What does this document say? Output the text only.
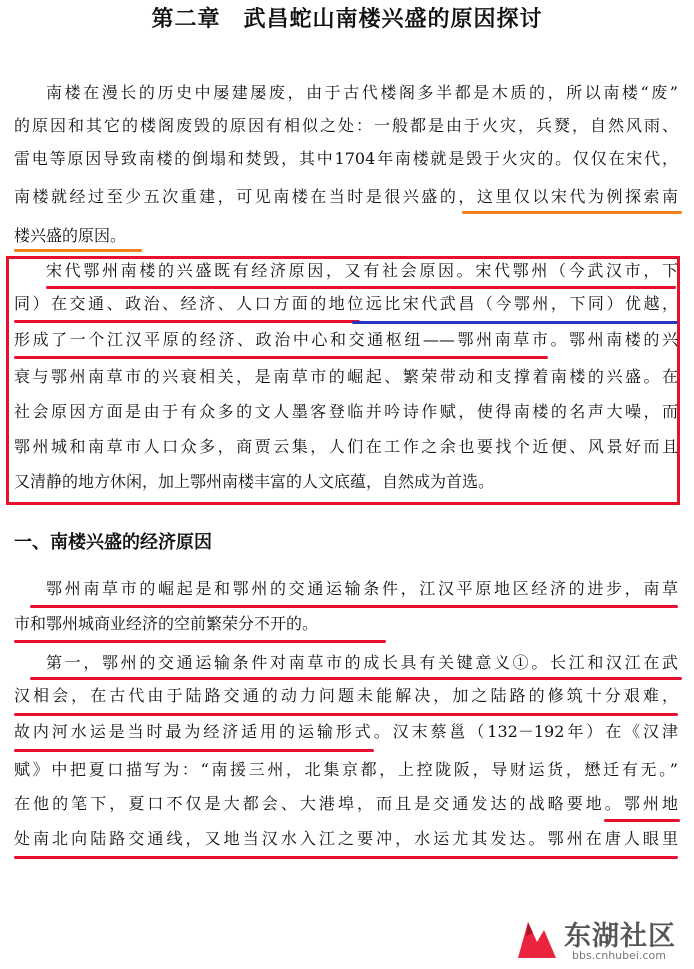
第二章　武昌蛇山南楼兴盛的原因探讨
南楼在漫长的历史中屡建屡废，由于古代楼阁多半都是木质的，所以南楼“废”
的原因和其它的楼阁废毁的原因有相似之处：一般都是由于火灾，兵燹，自然风雨、
雷电等原因导致南楼的倒塌和焚毁，其中1704年南楼就是毁于火灾的。仅仅在宋代，
南楼就经过至少五次重建，可见南楼在当时是很兴盛的，这里仅以宋代为例探索南
楼兴盛的原因。
宋代鄂州南楼的兴盛既有经济原因，又有社会原因。宋代鄂州（今武汉市，下
同）在交通、政治、经济、人口方面的地位远比宋代武昌（今鄂州，下同）优越，
形成了一个江汉平原的经济、政治中心和交通枢纽——鄂州南草市。鄂州南楼的兴
衰与鄂州南草市的兴衰相关，是南草市的崛起、繁荣带动和支撑着南楼的兴盛。在
社会原因方面是由于有众多的文人墨客登临并吟诗作赋，使得南楼的名声大噪，而
鄂州城和南草市人口众多，商贾云集，人们在工作之余也要找个近便、风景好而且
又清静的地方休闲，加上鄂州南楼丰富的人文底蕴，自然成为首选。
一、南楼兴盛的经济原因
鄂州南草市的崛起是和鄂州的交通运输条件，江汉平原地区经济的进步，南草
市和鄂州城商业经济的空前繁荣分不开的。
第一，鄂州的交通运输条件对南草市的成长具有关键意义①。长江和汉江在武
汉相会，在古代由于陆路交通的动力问题未能解决，加之陆路的修筑十分艰难，
故内河水运是当时最为经济适用的运输形式。汉末蔡邕（132－192年）在《汉津
赋》中把夏口描写为：“南援三州，北集京都，上控陇阪，导财运货，懋迁有无。”
在他的笔下，夏口不仅是大都会、大港埠，而且是交通发达的战略要地。鄂州地
处南北向陆路交通线，又地当汉水入江之要冲，水运尤其发达。鄂州在唐人眼里
东湖社区
bbs.cnhubei.com
